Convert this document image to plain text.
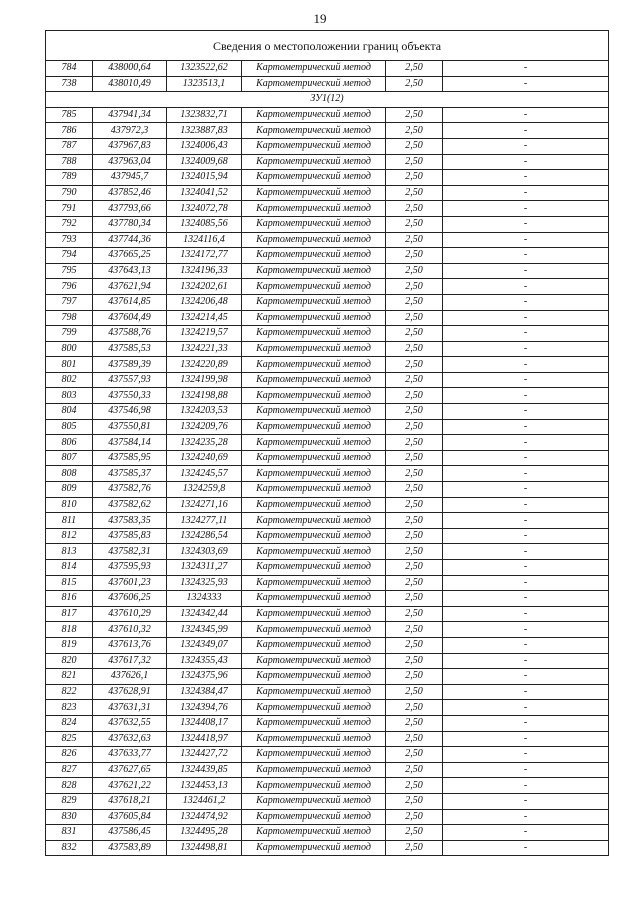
19
Сведения о местоположении границ объекта					
784	438000,64	1323522,62	Картометрический метод	2,50	-
738	438010,49	1323513,1	Картометрический метод	2,50	-
ЗУ1(12)					
785	437941,34	1323832,71	Картометрический метод	2,50	-
786	437972,3	1323887,83	Картометрический метод	2,50	-
787	437967,83	1324006,43	Картометрический метод	2,50	-
788	437963,04	1324009,68	Картометрический метод	2,50	-
789	437945,7	1324015,94	Картометрический метод	2,50	-
790	437852,46	1324041,52	Картометрический метод	2,50	-
791	437793,66	1324072,78	Картометрический метод	2,50	-
792	437780,34	1324085,56	Картометрический метод	2,50	-
793	437744,36	1324116,4	Картометрический метод	2,50	-
794	437665,25	1324172,77	Картометрический метод	2,50	-
795	437643,13	1324196,33	Картометрический метод	2,50	-
796	437621,94	1324202,61	Картометрический метод	2,50	-
797	437614,85	1324206,48	Картометрический метод	2,50	-
798	437604,49	1324214,45	Картометрический метод	2,50	-
799	437588,76	1324219,57	Картометрический метод	2,50	-
800	437585,53	1324221,33	Картометрический метод	2,50	-
801	437589,39	1324220,89	Картометрический метод	2,50	-
802	437557,93	1324199,98	Картометрический метод	2,50	-
803	437550,33	1324198,88	Картометрический метод	2,50	-
804	437546,98	1324203,53	Картометрический метод	2,50	-
805	437550,81	1324209,76	Картометрический метод	2,50	-
806	437584,14	1324235,28	Картометрический метод	2,50	-
807	437585,95	1324240,69	Картометрический метод	2,50	-
808	437585,37	1324245,57	Картометрический метод	2,50	-
809	437582,76	1324259,8	Картометрический метод	2,50	-
810	437582,62	1324271,16	Картометрический метод	2,50	-
811	437583,35	1324277,11	Картометрический метод	2,50	-
812	437585,83	1324286,54	Картометрический метод	2,50	-
813	437582,31	1324303,69	Картометрический метод	2,50	-
814	437595,93	1324311,27	Картометрический метод	2,50	-
815	437601,23	1324325,93	Картометрический метод	2,50	-
816	437606,25	1324333	Картометрический метод	2,50	-
817	437610,29	1324342,44	Картометрический метод	2,50	-
818	437610,32	1324345,99	Картометрический метод	2,50	-
819	437613,76	1324349,07	Картометрический метод	2,50	-
820	437617,32	1324355,43	Картометрический метод	2,50	-
821	437626,1	1324375,96	Картометрический метод	2,50	-
822	437628,91	1324384,47	Картометрический метод	2,50	-
823	437631,31	1324394,76	Картометрический метод	2,50	-
824	437632,55	1324408,17	Картометрический метод	2,50	-
825	437632,63	1324418,97	Картометрический метод	2,50	-
826	437633,77	1324427,72	Картометрический метод	2,50	-
827	437627,65	1324439,85	Картометрический метод	2,50	-
828	437621,22	1324453,13	Картометрический метод	2,50	-
829	437618,21	1324461,2	Картометрический метод	2,50	-
830	437605,84	1324474,92	Картометрический метод	2,50	-
831	437586,45	1324495,28	Картометрический метод	2,50	-
832	437583,89	1324498,81	Картометрический метод	2,50	-
